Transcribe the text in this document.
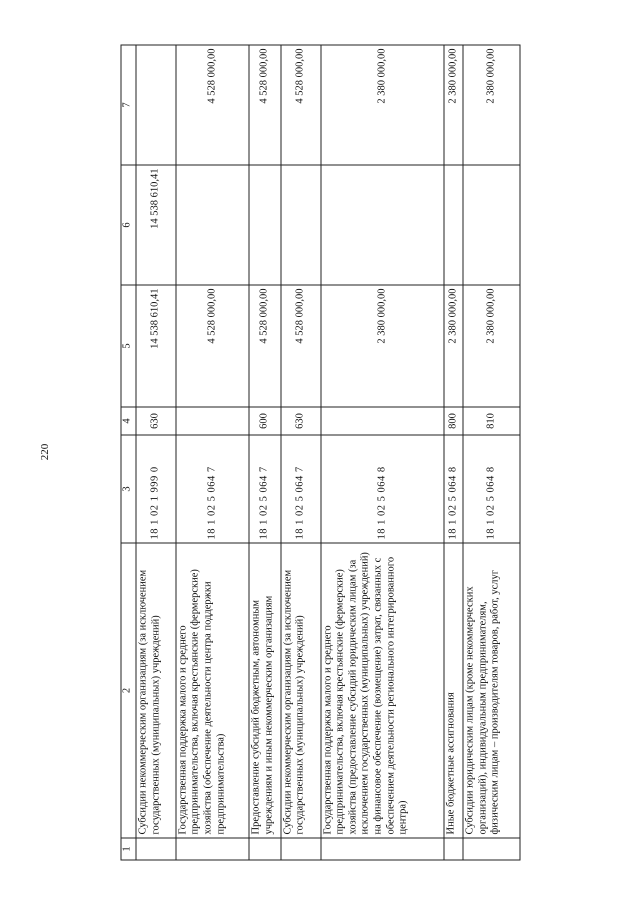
220
1	2	3	4	5	6	7
	Субсидии некоммерческим организациям (за исключением государственных (муниципальных) учреждений)	18 1 02 1 999 0	630	14 538 610,41	14 538 610,41	
	Государственная поддержка малого и среднего предпринимательства, включая крестьянские (фермерские) хозяйства (обеспечение деятельности центра поддержки предпринимательства)	18 1 02 5 064 7		4 528 000,00		4 528 000,00
	Предоставление субсидий бюджетным, автономным учреждениям и иным некоммерческим организациям	18 1 02 5 064 7	600	4 528 000,00		4 528 000,00
	Субсидии некоммерческим организациям (за исключением государственных (муниципальных) учреждений)	18 1 02 5 064 7	630	4 528 000,00		4 528 000,00
	Государственная поддержка малого и среднего предпринимательства, включая крестьянские (фермерские) хозяйства (предоставление субсидий юридическим лицам (за исключением государственных (муниципальных) учреждений) на финансовое обеспечение (возмещение) затрат, связанных с обеспечением деятельности регионального интегрированного центра)	18 1 02 5 064 8		2 380 000,00		2 380 000,00
	Иные бюджетные ассигнования	18 1 02 5 064 8	800	2 380 000,00		2 380 000,00
	Субсидии юридическим лицам (кроме некоммерческих организаций), индивидуальным предпринимателям, физическим лицам – производителям товаров, работ, услуг	18 1 02 5 064 8	810	2 380 000,00		2 380 000,00
